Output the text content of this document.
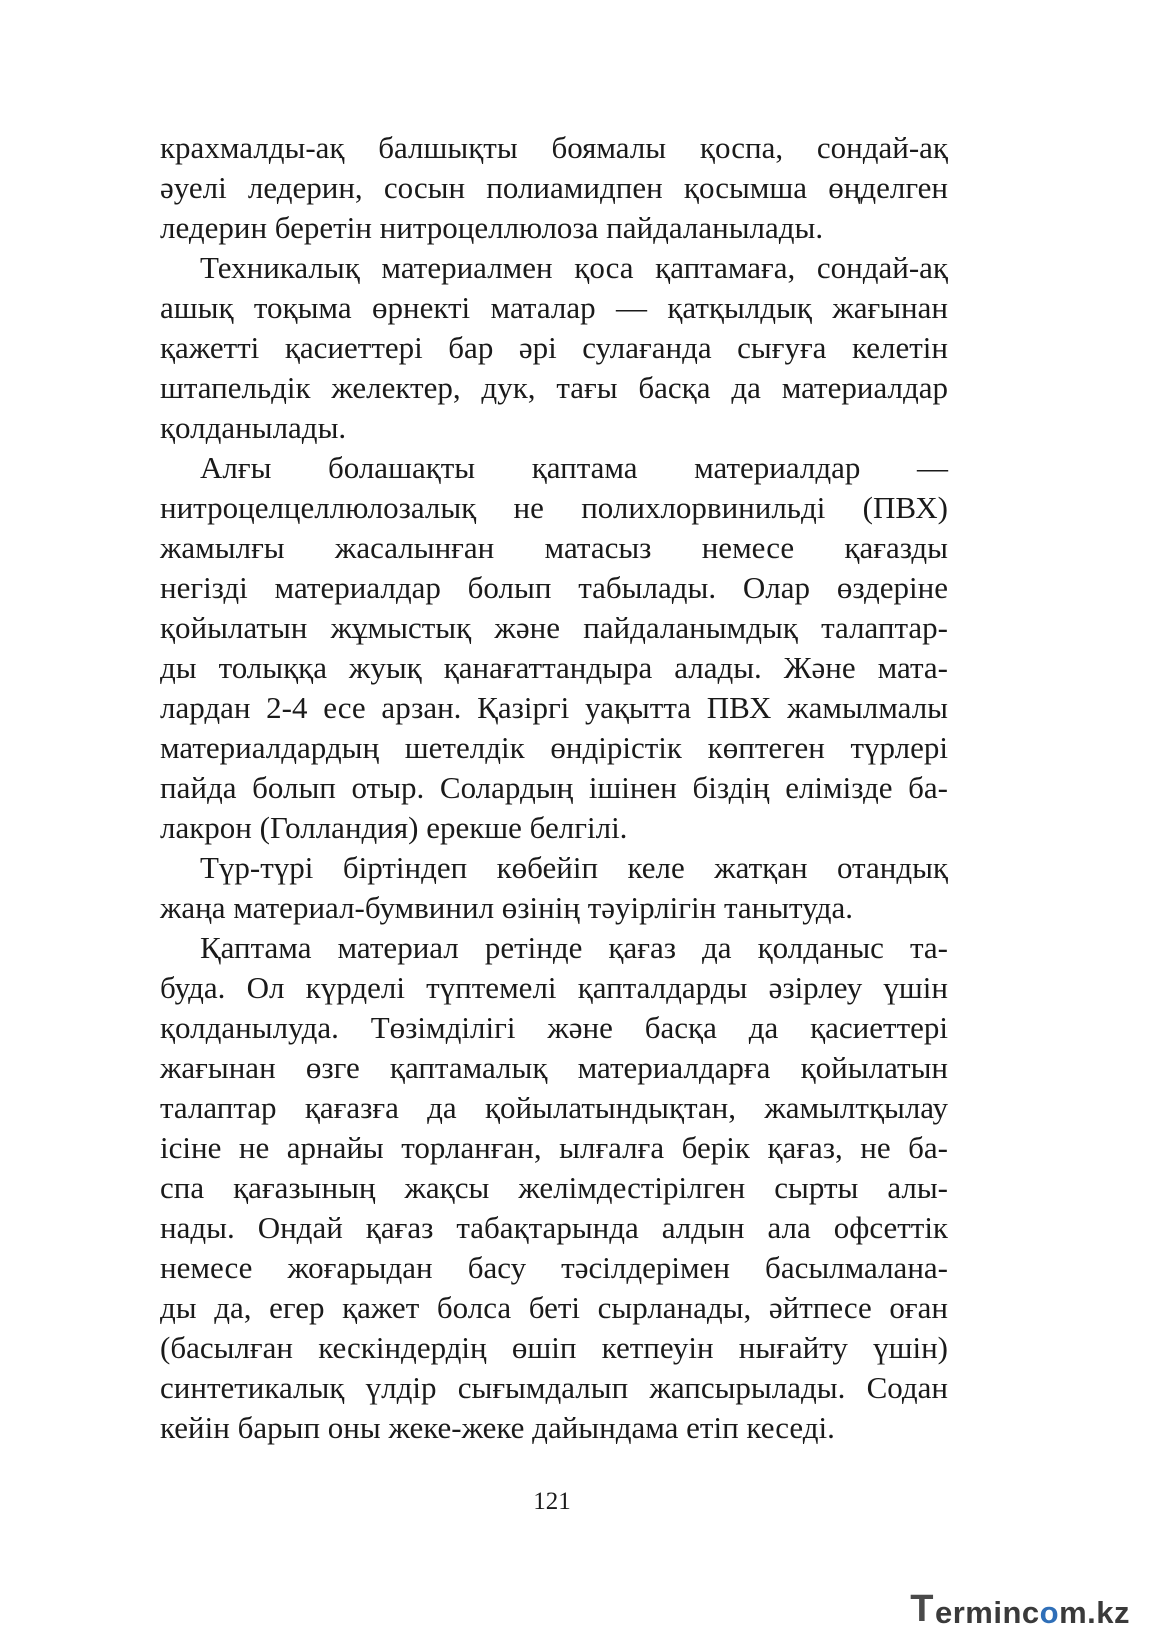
крахмалды-ақ балшықты боямалы қоспа, сондай-ақ
әуелі ледерин, сосын полиамидпен қосымша өңделген
ледерин беретін нитроцеллюлоза пайдаланылады.
Техникалық материалмен қоса қаптамаға, сондай-ақ
ашық тоқыма өрнекті маталар — қатқылдық жағынан
қажетті қасиеттері бар әрі сулағанда сығуға келетін
штапельдік желектер, дук, тағы басқа да материалдар
қолданылады.
Алғы болашақты қаптама материалдар —
нитроцелцеллюлозалық не полихлорвинильді (ПВХ)
жамылғы жасалынған матасыз немесе қағазды
негізді материалдар болып табылады. Олар өздеріне
қойылатын жұмыстық және пайдаланымдық талаптар-
ды толыққа жуық қанағаттандыра алады. Және мата-
лардан 2-4 есе арзан. Қазіргі уақытта ПВХ жамылмалы
материалдардың шетелдік өндірістік көптеген түрлері
пайда болып отыр. Солардың ішінен біздің елімізде ба-
лакрон (Голландия) ерекше белгілі.
Түр-түрі біртіндеп көбейіп келе жатқан отандық
жаңа материал-бумвинил өзінің тәуірлігін танытуда.
Қаптама материал ретінде қағаз да қолданыс та-
буда. Ол күрделі түптемелі қапталдарды әзірлеу үшін
қолданылуда. Төзімділігі және басқа да қасиеттері
жағынан өзге қаптамалық материалдарға қойылатын
талаптар қағазға да қойылатындықтан, жамылтқылау
ісіне не арнайы торланған, ылғалға берік қағаз, не ба-
спа қағазының жақсы желімдестірілген сырты алы-
нады. Ондай қағаз табақтарында алдын ала офсеттік
немесе жоғарыдан басу тәсілдерімен басылмалана-
ды да, егер қажет болса беті сырланады, әйтпесе оған
(басылған кескіндердің өшіп кетпеуін нығайту үшін)
синтетикалық үлдір сығымдалып жапсырылады. Содан
кейін барып оны жеке-жеке дайындама етіп кеседі.
121
T erminc o m.kz
